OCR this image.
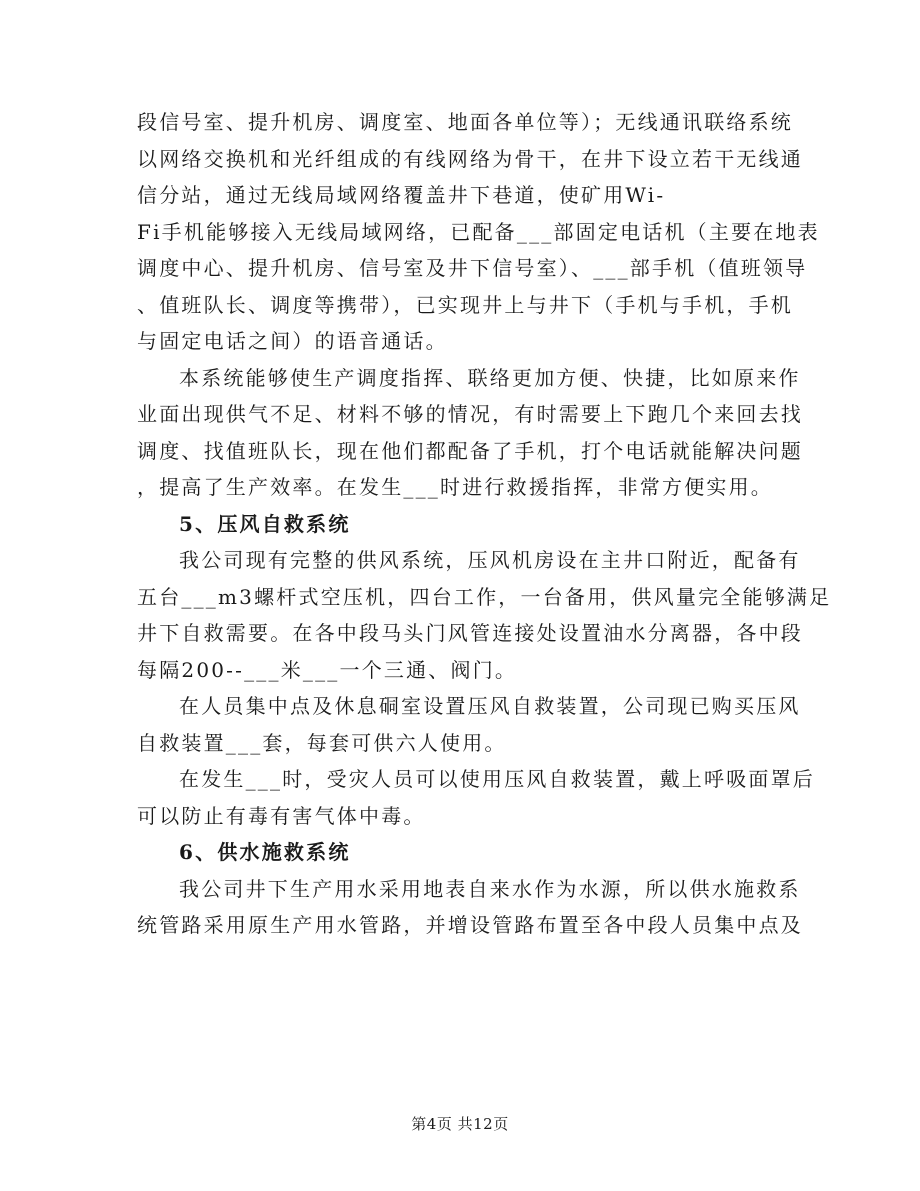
段信号室、提升机房、调度室、地面各单位等）；无线通讯联络系统
以网络交换机和光纤组成的有线网络为骨干，在井下设立若干无线通
信分站，通过无线局域网络覆盖井下巷道，使矿用Wi-
Fi手机能够接入无线局域网络，已配备___部固定电话机（主要在地表
调度中心、提升机房、信号室及井下信号室）、___部手机（值班领导
、值班队长、调度等携带），已实现井上与井下（手机与手机，手机
与固定电话之间）的语音通话。
本系统能够使生产调度指挥、联络更加方便、快捷，比如原来作
业面出现供气不足、材料不够的情况，有时需要上下跑几个来回去找
调度、找值班队长，现在他们都配备了手机，打个电话就能解决问题
，提高了生产效率。在发生___时进行救援指挥，非常方便实用。
5、压风自救系统
我公司现有完整的供风系统，压风机房设在主井口附近，配备有
五台___m3螺杆式空压机，四台工作，一台备用，供风量完全能够满足
井下自救需要。在各中段马头门风管连接处设置油水分离器，各中段
每隔200--___米___一个三通、阀门。
在人员集中点及休息硐室设置压风自救装置，公司现已购买压风
自救装置___套，每套可供六人使用。
在发生___时，受灾人员可以使用压风自救装置，戴上呼吸面罩后
可以防止有毒有害气体中毒。
6、供水施救系统
我公司井下生产用水采用地表自来水作为水源，所以供水施救系
统管路采用原生产用水管路，并增设管路布置至各中段人员集中点及
第4页 共12页
